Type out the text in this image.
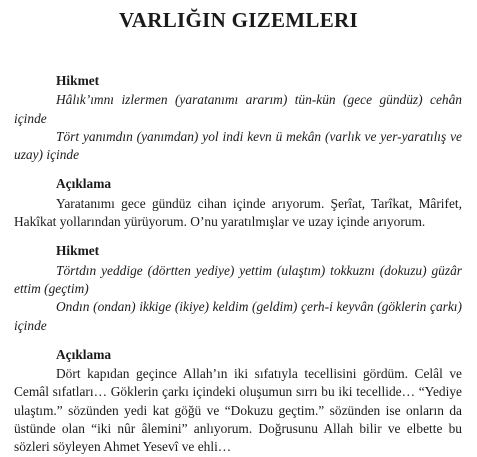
VARLIĞIN GIZEMLERI
Hikmet

Hâlık’ımnı izlermen (yaratanımı ararım) tün-kün (gece gündüz) cehân içinde

Tört yanımdın (yanımdan) yol indi kevn ü mekân (varlık ve yer-yaratılış ve uzay) içinde

Açıklama

Yaratanımı gece gündüz cihan içinde arıyorum. Şerîat, Tarîkat, Mârifet, Hakîkat yollarından yürüyorum. O’nu yaratılmışlar ve uzay içinde arıyorum.

Hikmet

Törtdın yeddige (dörtten yediye) yettim (ulaştım) tokkuznı (dokuzu) güzâr ettim (geçtim)

Ondın (ondan) ikkige (ikiye) keldim (geldim) çerh-i keyvân (göklerin çarkı) içinde

Açıklama

Dört kapıdan geçince Allah’ın iki sıfatıyla tecellisini gördüm. Celâl ve Cemâl sıfatları… Göklerin çarkı içindeki oluşumun sırrı bu iki tecellide… “Yediye ulaştım.” sözünden yedi kat göğü ve “Dokuzu geçtim.” sözünden ise onların da üstünde olan “iki nûr âlemini” anlıyorum. Doğrusunu Allah bilir ve elbette bu sözleri söyleyen Ahmet Yesevî ve ehli…
